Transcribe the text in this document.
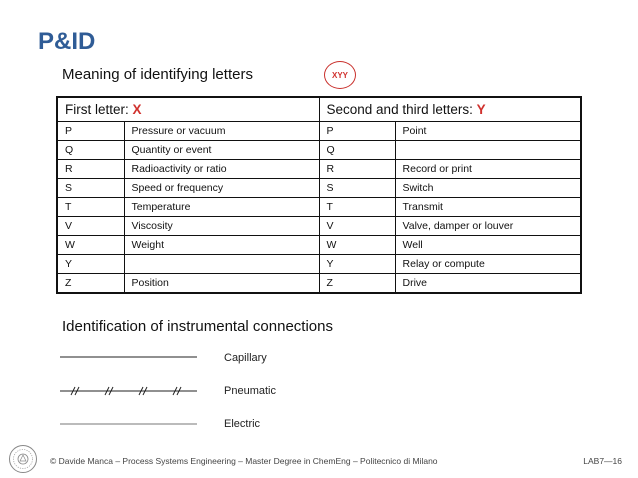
P&ID
Meaning of identifying letters	XYY
First letter: X		Second and third letters: Y	
P	Pressure or vacuum	P	Point
Q	Quantity or event	Q	
R	Radioactivity or ratio	R	Record or print
S	Speed or frequency	S	Switch
T	Temperature	T	Transmit
V	Viscosity	V	Valve, damper or louver
W	Weight	W	Well
Y		Y	Relay or compute
Z	Position	Z	Drive
Identification of instrumental connections
Capillary
Pneumatic
Electric
© Davide Manca – Process Systems Engineering – Master Degree in ChemEng – Politecnico di Milano	LAB7—16
